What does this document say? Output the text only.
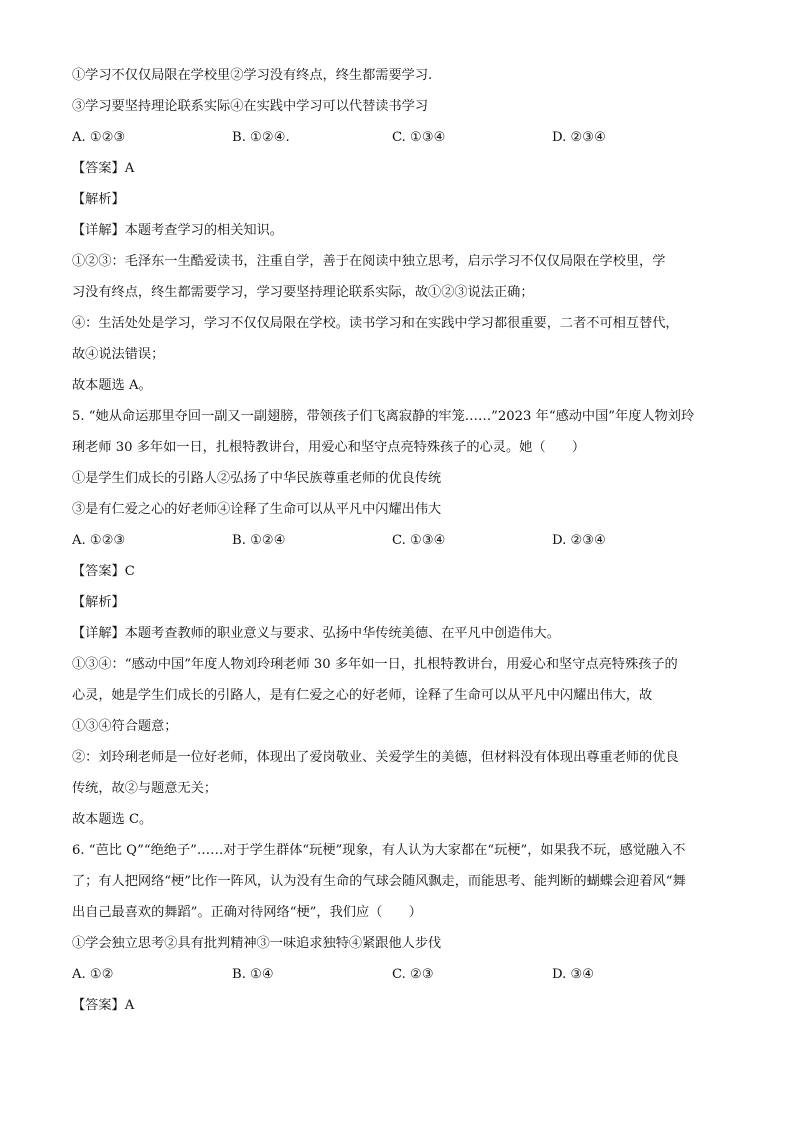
①学习不仅仅局限在学校里②学习没有终点，终生都需要学习.
③学习要坚持理论联系实际④在实践中学习可以代替读书学习
A. ①②③	B. ①②④.	C. ①③④	D. ②③④
【答案】A
【解析】
【详解】本题考查学习的相关知识。
①②③：毛泽东一生酷爱读书，注重自学，善于在阅读中独立思考，启示学习不仅仅局限在学校里，学
习没有终点，终生都需要学习，学习要坚持理论联系实际，故①②③说法正确；
④：生活处处是学习，学习不仅仅局限在学校。读书学习和在实践中学习都很重要，二者不可相互替代，
故④说法错误；
故本题选 A。
5. “她从命运那里夺回一副又一副翅膀，带领孩子们飞离寂静的牢笼……”2023 年“感动中国”年度人物刘玲
琍老师 30 多年如一日，扎根特教讲台，用爱心和坚守点亮特殊孩子的心灵。她（　　）
①是学生们成长的引路人②弘扬了中华民族尊重老师的优良传统
③是有仁爱之心的好老师④诠释了生命可以从平凡中闪耀出伟大
A. ①②③	B. ①②④	C. ①③④	D. ②③④
【答案】C
【解析】
【详解】本题考查教师的职业意义与要求、弘扬中华传统美德、在平凡中创造伟大。
①③④：“感动中国”年度人物刘玲琍老师 30 多年如一日，扎根特教讲台，用爱心和坚守点亮特殊孩子的
心灵，她是学生们成长的引路人，是有仁爱之心的好老师，诠释了生命可以从平凡中闪耀出伟大，故
①③④符合题意；
②：刘玲琍老师是一位好老师，体现出了爱岗敬业、关爱学生的美德，但材料没有体现出尊重老师的优良
传统，故②与题意无关；
故本题选 C。
6. “芭比 Q”“绝绝子”……对于学生群体“玩梗”现象，有人认为大家都在“玩梗”，如果我不玩，感觉融入不
了；有人把网络“梗”比作一阵风，认为没有生命的气球会随风飘走，而能思考、能判断的蝴蝶会迎着风“舞
出自己最喜欢的舞蹈”。正确对待网络“梗”，我们应（　　）
①学会独立思考②具有批判精神③一味追求独特④紧跟他人步伐
A. ①②	B. ①④	C. ②③	D. ③④
【答案】A
